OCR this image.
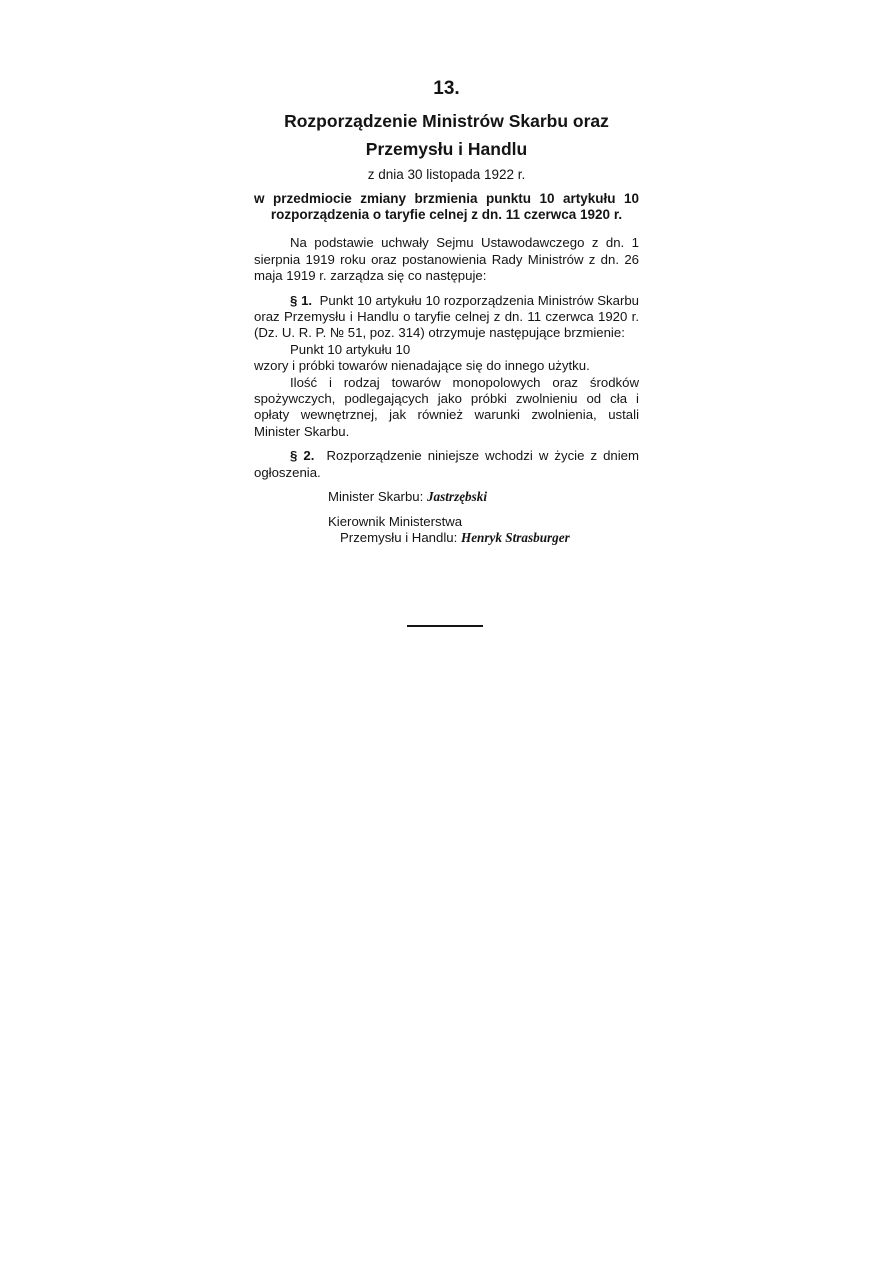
13.
Rozporządzenie Ministrów Skarbu oraz
Przemysłu i Handlu
z dnia 30 listopada 1922 r.
w przedmiocie zmiany brzmienia punktu 10 artykułu 10 rozporządzenia o taryfie celnej z dn. 11 czerwca 1920 r.

Na podstawie uchwały Sejmu Ustawodawczego z dn. 1 sierpnia 1919 roku oraz postanowienia Rady Ministrów z dn. 26 maja 1919 r. zarządza się co następuje:

§ 1. Punkt 10 artykułu 10 rozporządzenia Ministrów Skarbu oraz Przemysłu i Handlu o taryfie celnej z dn. 11 czerwca 1920 r. (Dz. U. R. P. № 51, poz. 314) otrzymuje następujące brzmienie:

Punkt 10 artykułu 10

wzory i próbki towarów nienadające się do innego użytku.

Ilość i rodzaj towarów monopolowych oraz środków spożywczych, podlegających jako próbki zwolnieniu od cła i opłaty wewnętrznej, jak również warunki zwolnienia, ustali Minister Skarbu.

§ 2. Rozporządzenie niniejsze wchodzi w życie z dniem ogłoszenia.

Minister Skarbu: Jastrzębski

Kierownik Ministerstwa

Przemysłu i Handlu: Henryk Strasburger
